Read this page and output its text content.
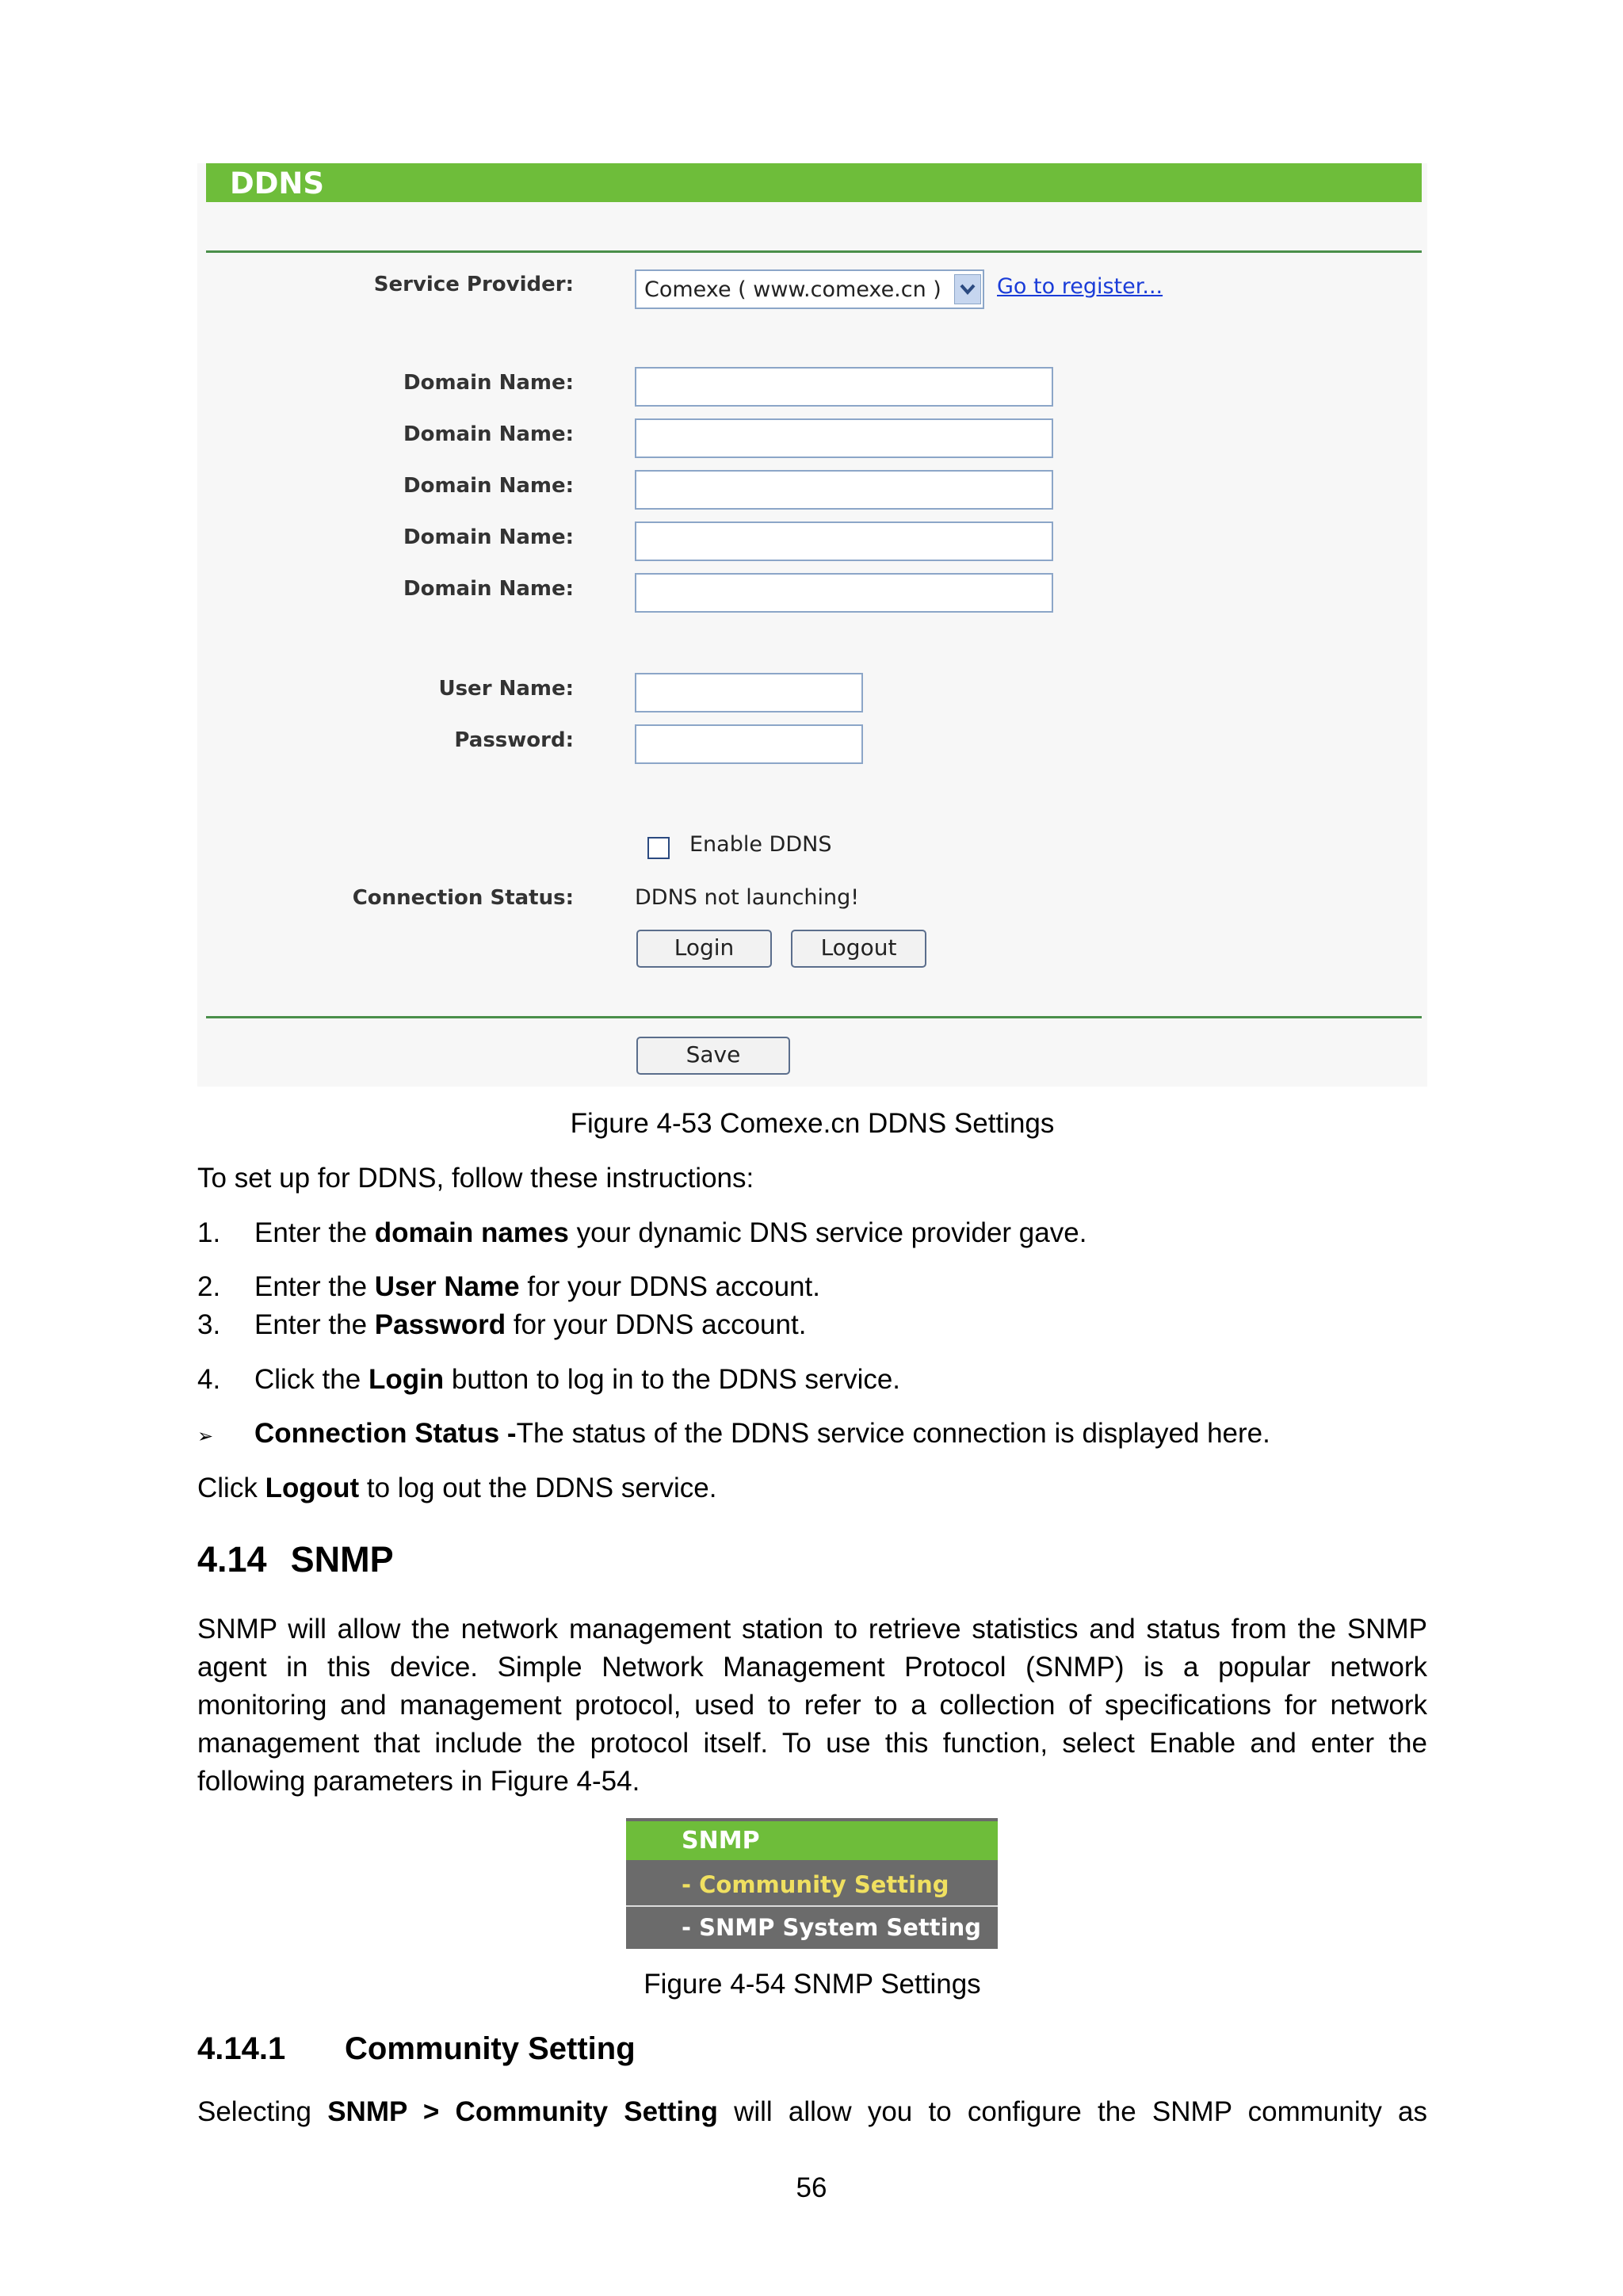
DDNS
Service Provider:	Comexe ( www.comexe.cn )	Go to register...
Domain Name:
Domain Name:
Domain Name:
Domain Name:
Domain Name:
User Name:
Password:
Enable DDNS
Connection Status:	DDNS not launching!
Login	Logout
Save
Figure 4-53 Comexe.cn DDNS Settings
To set up for DDNS, follow these instructions:
1. Enter the domain names your dynamic DNS service provider gave.
2. Enter the User Name for your DDNS account.
3. Enter the Password for your DDNS account.
4. Click the Login button to log in to the DDNS service.
➢ Connection Status -The status of the DDNS service connection is displayed here.
Click Logout to log out the DDNS service.
4.14 SNMP
SNMP will allow the network management station to retrieve statistics and status from the SNMP
agent in this device. Simple Network Management Protocol (SNMP) is a popular network
monitoring and management protocol, used to refer to a collection of specifications for network
management that include the protocol itself. To use this function, select Enable and enter the
following parameters in Figure 4-54.
SNMP
- Community Setting
- SNMP System Setting
Figure 4-54 SNMP Settings
4.14.1 Community Setting
Selecting SNMP > Community Setting will allow you to configure the SNMP community as
56
